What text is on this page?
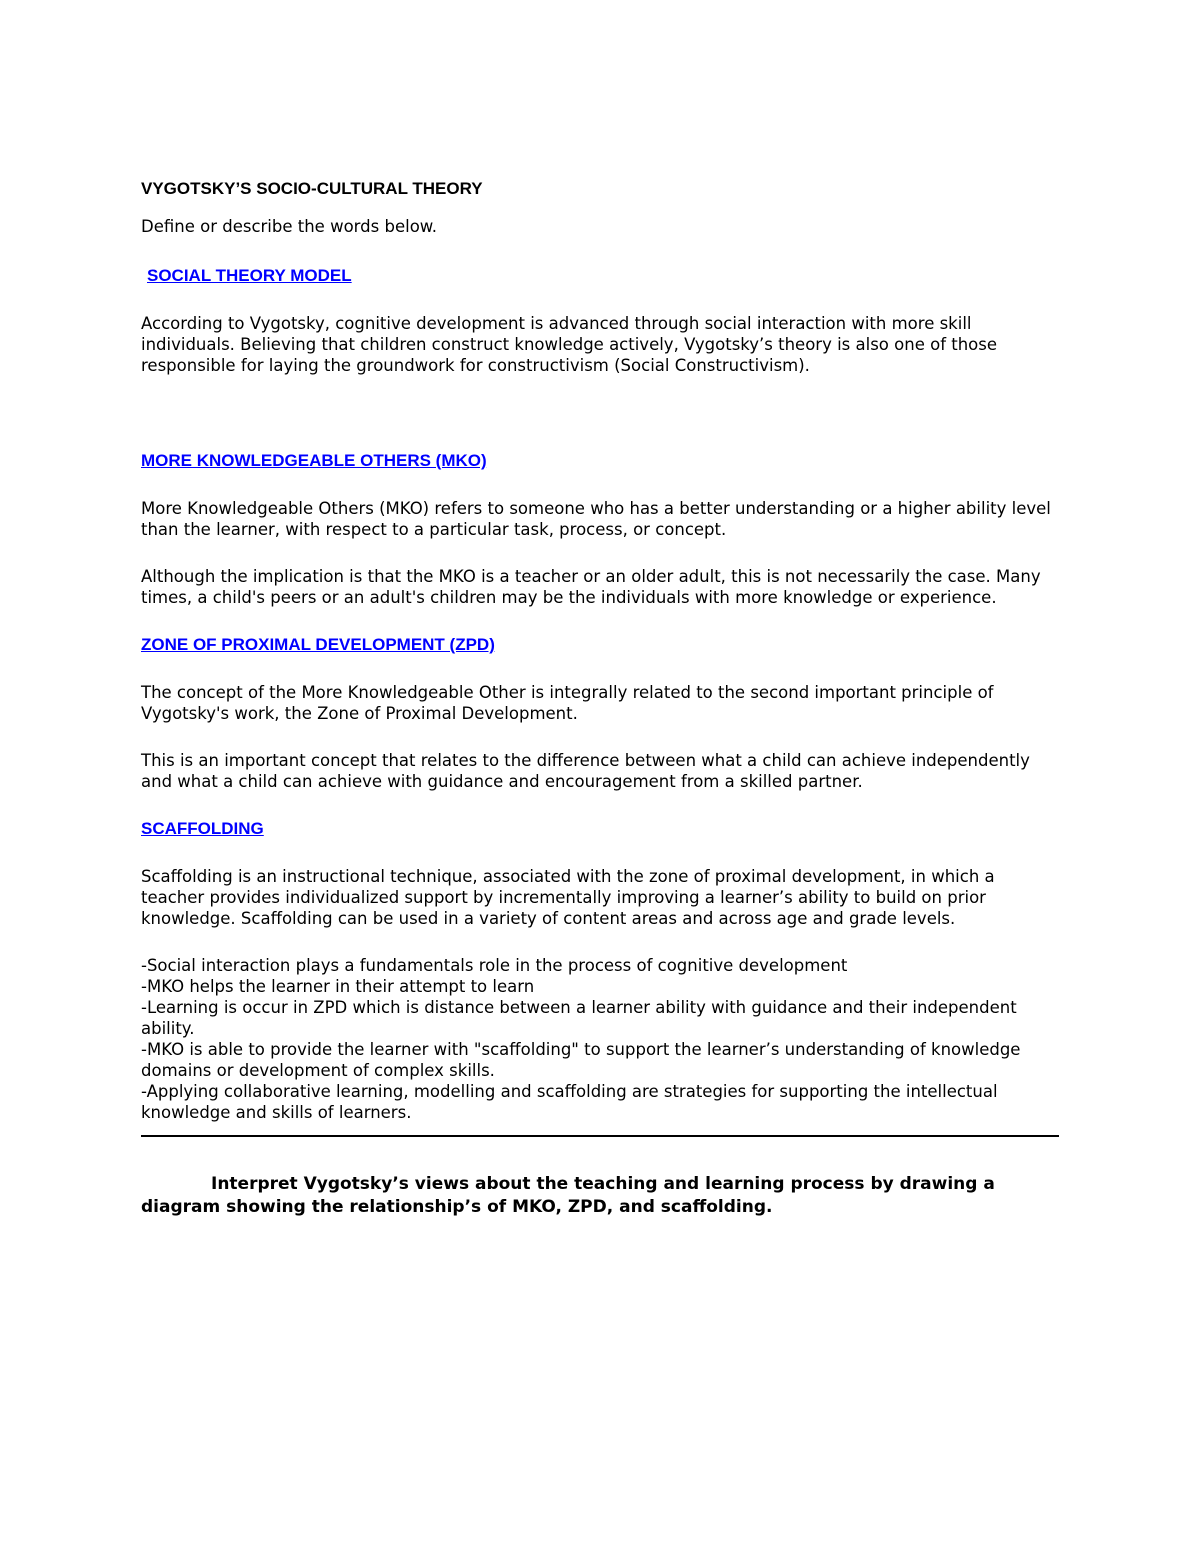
VYGOTSKY’S SOCIO-CULTURAL THEORY

Define or describe the words below.

SOCIAL THEORY MODEL

According to Vygotsky, cognitive development is advanced through social interaction with more skill individuals. Believing that children construct knowledge actively, Vygotsky’s theory is also one of those responsible for laying the groundwork for constructivism (Social Constructivism).

MORE KNOWLEDGEABLE OTHERS (MKO)

More Knowledgeable Others (MKO) refers to someone who has a better understanding or a higher ability level than the learner, with respect to a particular task, process, or concept.

Although the implication is that the MKO is a teacher or an older adult, this is not necessarily the case. Many times, a child's peers or an adult's children may be the individuals with more knowledge or experience.

ZONE OF PROXIMAL DEVELOPMENT (ZPD)

The concept of the More Knowledgeable Other is integrally related to the second important principle of Vygotsky's work, the Zone of Proximal Development.

This is an important concept that relates to the difference between what a child can achieve independently and what a child can achieve with guidance and encouragement from a skilled partner.

SCAFFOLDING

Scaffolding is an instructional technique, associated with the zone of proximal development, in which a teacher provides individualized support by incrementally improving a learner’s ability to build on prior knowledge. Scaffolding can be used in a variety of content areas and across age and grade levels.

-Social interaction plays a fundamentals role in the process of cognitive development
-MKO helps the learner in their attempt to learn
-Learning is occur in ZPD which is distance between a learner ability with guidance and their independent ability.
-MKO is able to provide the learner with "scaffolding" to support the learner’s understanding of knowledge domains or development of complex skills.
-Applying collaborative learning, modelling and scaffolding are strategies for supporting the intellectual knowledge and skills of learners.

Interpret Vygotsky’s views about the teaching and learning process by drawing a diagram showing the relationship’s of MKO, ZPD, and scaffolding.
